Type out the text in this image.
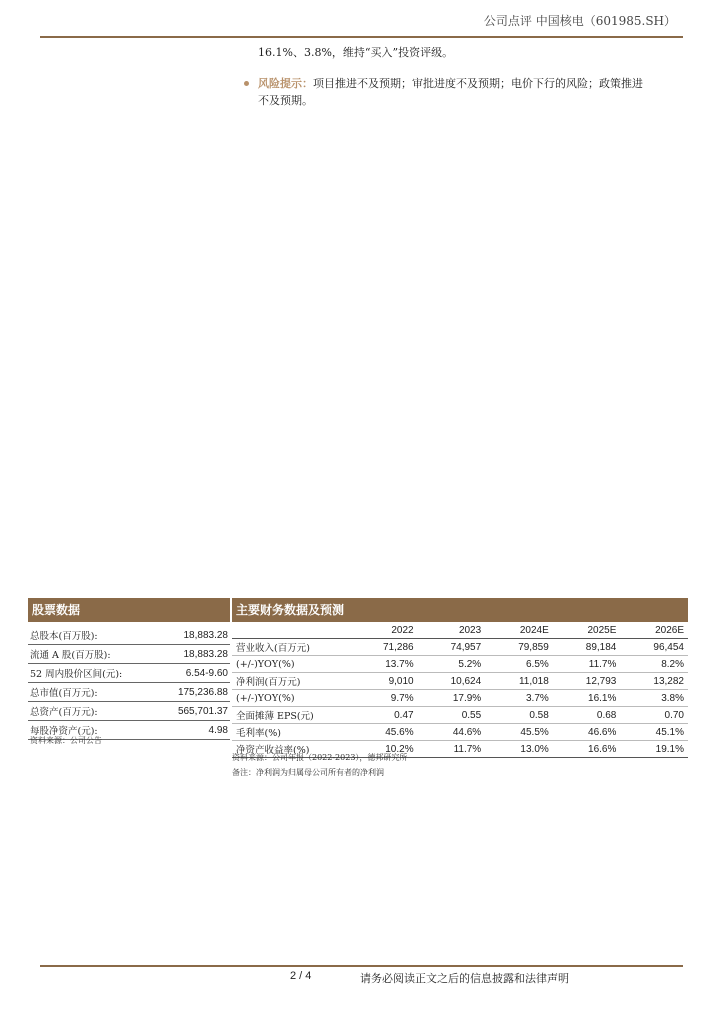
公司点评 中国核电（601985.SH）
16.1%、3.8%，维持“买入”投资评级。
风险提示：项目推进不及预期；审批进度不及预期；电价下行的风险；政策推进
不及预期。
股票数据
总股本(百万股):	18,883.28
流通 A 股(百万股):	18,883.28
52 周内股价区间(元):	6.54-9.60
总市值(百万元):	175,236.88
总资产(百万元):	565,701.37
每股净资产(元):	4.98
资料来源：公司公告
主要财务数据及预测
	2022	2023	2024E	2025E	2026E
营业收入(百万元)	71,286	74,957	79,859	89,184	96,454
(+/-)YOY(%)	13.7%	5.2%	6.5%	11.7%	8.2%
净利润(百万元)	9,010	10,624	11,018	12,793	13,282
(+/-)YOY(%)	9.7%	17.9%	3.7%	16.1%	3.8%
全面摊薄 EPS(元)	0.47	0.55	0.58	0.68	0.70
毛利率(%)	45.6%	44.6%	45.5%	46.6%	45.1%
净资产收益率(%)	10.2%	11.7%	13.0%	16.6%	19.1%
资料来源：公司年报（2022-2023），德邦研究所
备注：净利润为归属母公司所有者的净利润
2 / 4	请务必阅读正文之后的信息披露和法律声明
